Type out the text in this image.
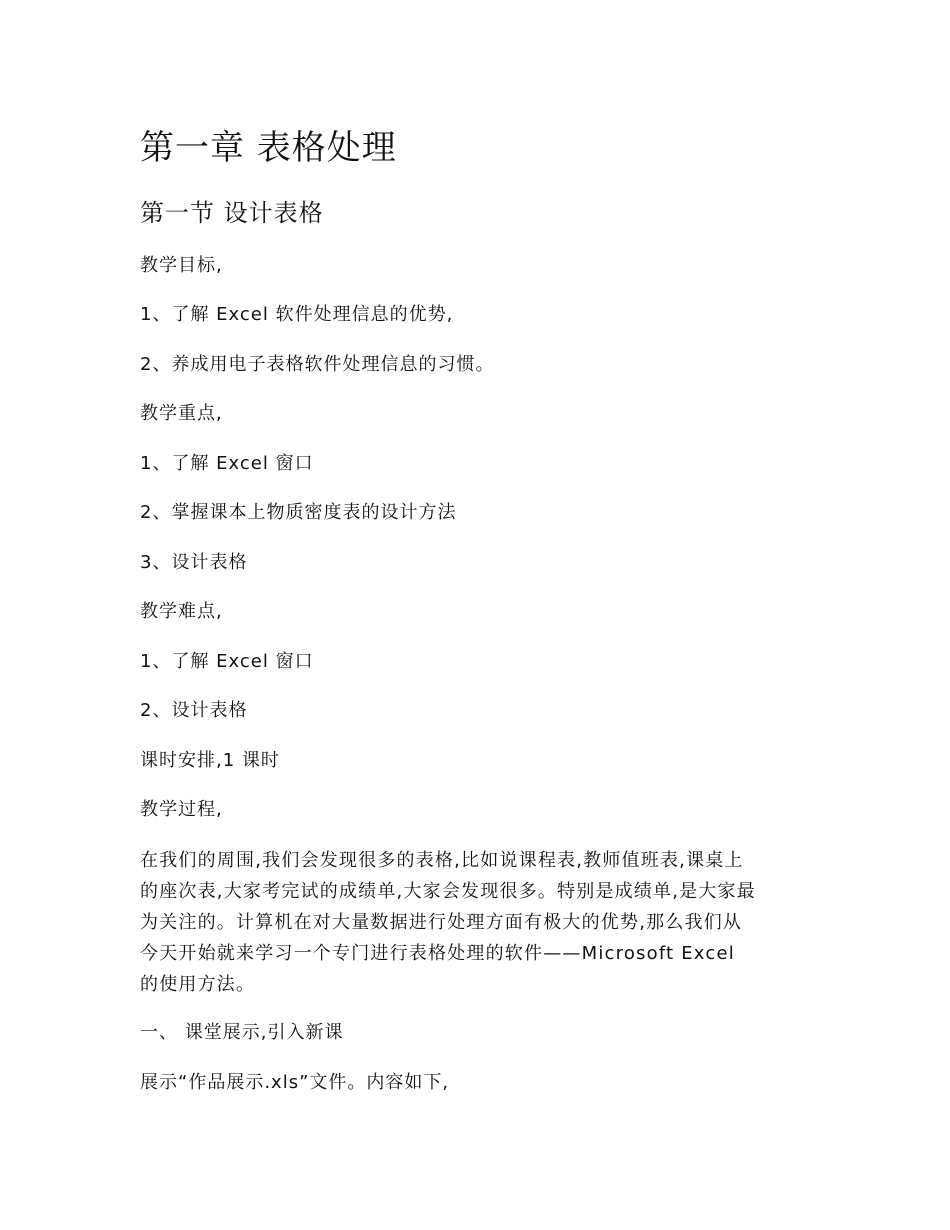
第一章 表格处理
第一节 设计表格

教学目标,

1、了解 Excel 软件处理信息的优势,

2、养成用电子表格软件处理信息的习惯。

教学重点,

1、了解 Excel 窗口

2、掌握课本上物质密度表的设计方法

3、设计表格

教学难点,

1、了解 Excel 窗口

2、设计表格

课时安排,1 课时

教学过程,

在我们的周围,我们会发现很多的表格,比如说课程表,教师值班表,课桌上
的座次表,大家考完试的成绩单,大家会发现很多。特别是成绩单,是大家最
为关注的。计算机在对大量数据进行处理方面有极大的优势,那么我们从
今天开始就来学习一个专门进行表格处理的软件——Microsoft Excel
的使用方法。

一、 课堂展示,引入新课

展示“作品展示.xls”文件。内容如下,
